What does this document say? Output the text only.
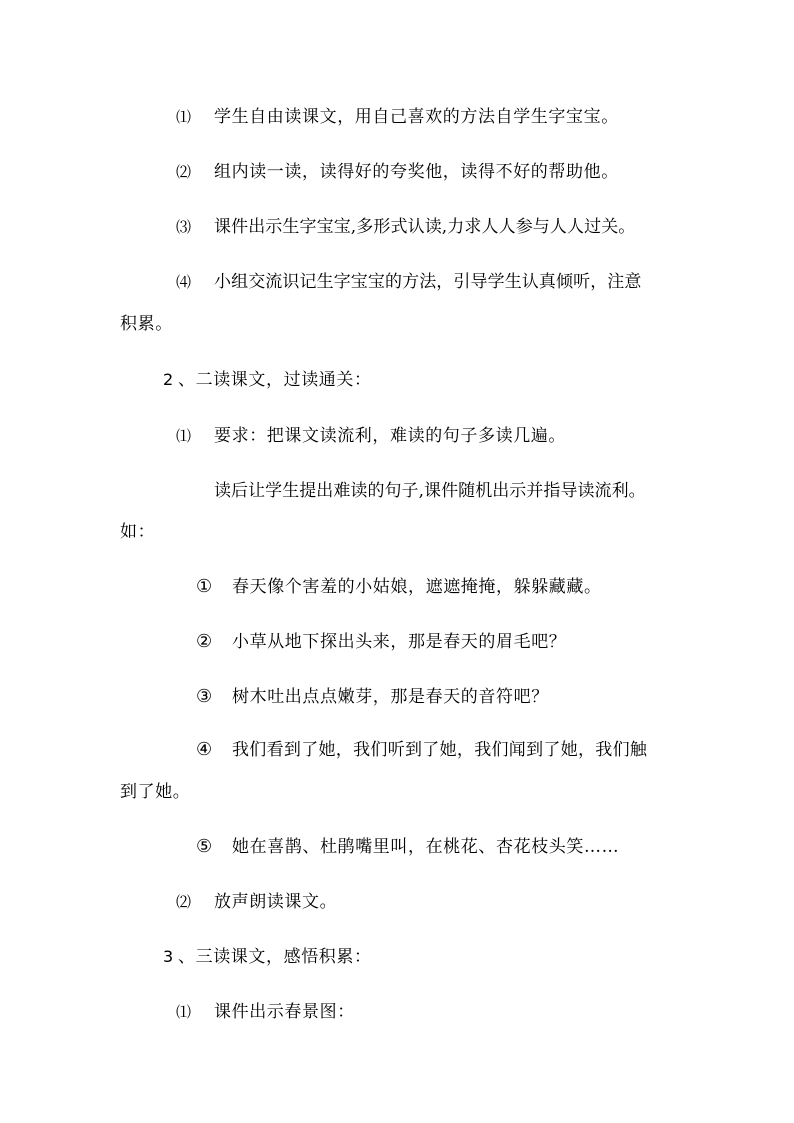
⑴ 学生自由读课文，用自己喜欢的方法自学生字宝宝。
⑵ 组内读一读，读得好的夸奖他，读得不好的帮助他。
⑶ 课件出示生字宝宝,多形式认读,力求人人参与人人过关。
⑷ 小组交流识记生字宝宝的方法，引导学生认真倾听，注意
积累。
2 、二读课文，过读通关：
⑴ 要求：把课文读流利，难读的句子多读几遍。
读后让学生提出难读的句子,课件随机出示并指导读流利。
如：
① 春天像个害羞的小姑娘，遮遮掩掩，躲躲藏藏。
② 小草从地下探出头来，那是春天的眉毛吧？
③ 树木吐出点点嫩芽，那是春天的音符吧？
④ 我们看到了她，我们听到了她，我们闻到了她，我们触
到了她。
⑤ 她在喜鹊、杜鹃嘴里叫，在桃花、杏花枝头笑……
⑵ 放声朗读课文。
3 、三读课文，感悟积累：
⑴ 课件出示春景图：
